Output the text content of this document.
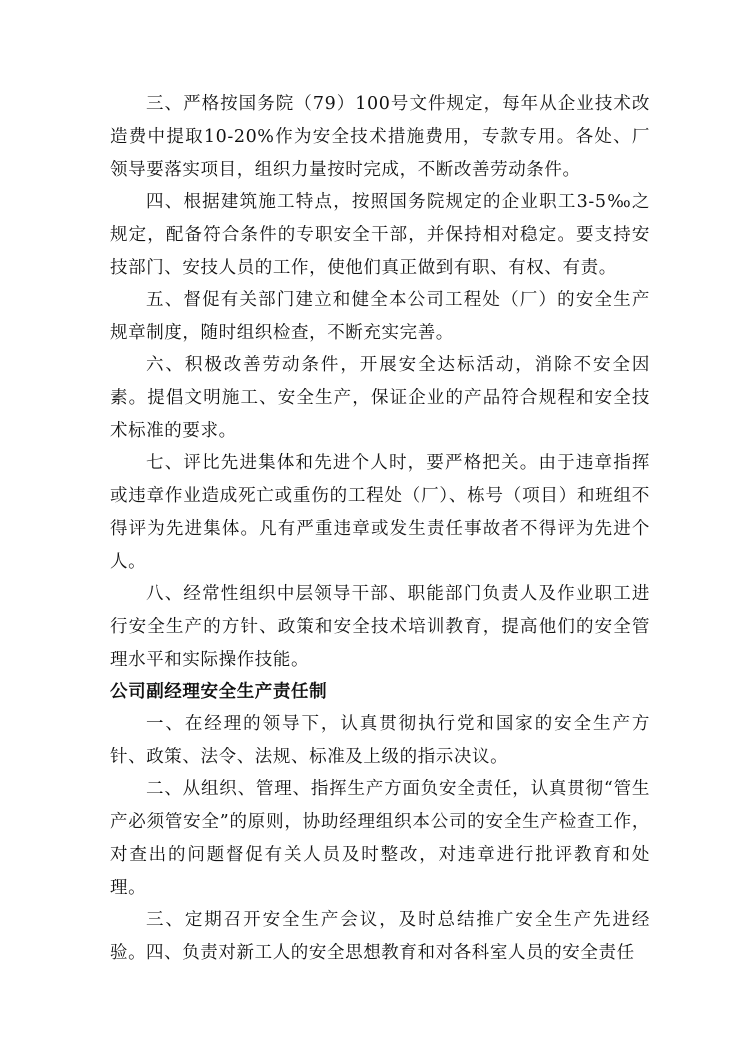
三、严格按国务院（79）100号文件规定，每年从企业技术改造费中提取10-20%作为安全技术措施费用，专款专用。各处、厂领导要落实项目，组织力量按时完成，不断改善劳动条件。

四、根据建筑施工特点，按照国务院规定的企业职工3-5‰之规定，配备符合条件的专职安全干部，并保持相对稳定。要支持安技部门、安技人员的工作，使他们真正做到有职、有权、有责。

五、督促有关部门建立和健全本公司工程处（厂）的安全生产规章制度，随时组织检查，不断充实完善。

六、积极改善劳动条件，开展安全达标活动，消除不安全因素。提倡文明施工、安全生产，保证企业的产品符合规程和安全技术标准的要求。

七、评比先进集体和先进个人时，要严格把关。由于违章指挥或违章作业造成死亡或重伤的工程处（厂）、栋号（项目）和班组不得评为先进集体。凡有严重违章或发生责任事故者不得评为先进个人。

八、经常性组织中层领导干部、职能部门负责人及作业职工进行安全生产的方针、政策和安全技术培训教育，提高他们的安全管理水平和实际操作技能。

公司副经理安全生产责任制

一、在经理的领导下，认真贯彻执行党和国家的安全生产方针、政策、法令、法规、标准及上级的指示决议。

二、从组织、管理、指挥生产方面负安全责任，认真贯彻“管生产必须管安全”的原则，协助经理组织本公司的安全生产检查工作，对查出的问题督促有关人员及时整改，对违章进行批评教育和处理。

三、定期召开安全生产会议，及时总结推广安全生产先进经验。 四、负责对新工人的安全思想教育和对各科室人员的安全责任
